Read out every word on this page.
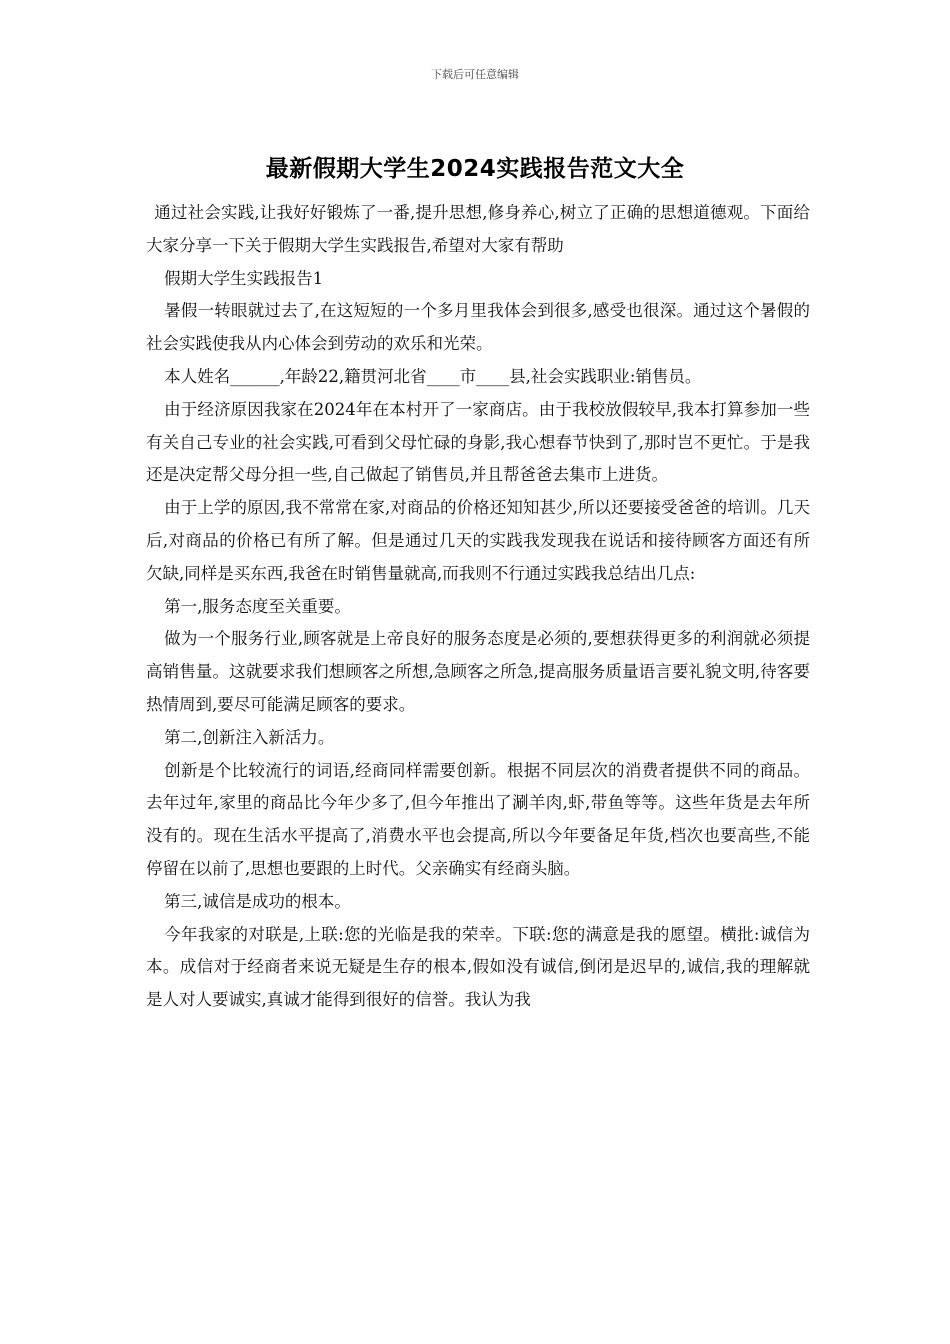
下载后可任意编辑
最新假期大学生2024实践报告范文大全

通过社会实践,让我好好锻炼了一番,提升思想,修身养心,树立了正确的思想道德观。下面给大家分享一下关于假期大学生实践报告,希望对大家有帮助

假期大学生实践报告1

暑假一转眼就过去了,在这短短的一个多月里我体会到很多,感受也很深。通过这个暑假的社会实践使我从内心体会到劳动的欢乐和光荣。

本人姓名______,年龄22,籍贯河北省____市____县,社会实践职业:销售员。

由于经济原因我家在2024年在本村开了一家商店。由于我校放假较早,我本打算参加一些有关自己专业的社会实践,可看到父母忙碌的身影,我心想春节快到了,那时岂不更忙。于是我还是决定帮父母分担一些,自己做起了销售员,并且帮爸爸去集市上进货。

由于上学的原因,我不常常在家,对商品的价格还知知甚少,所以还要接受爸爸的培训。几天后,对商品的价格已有所了解。但是通过几天的实践我发现我在说话和接待顾客方面还有所欠缺,同样是买东西,我爸在时销售量就高,而我则不行通过实践我总结出几点:

第一,服务态度至关重要。

做为一个服务行业,顾客就是上帝良好的服务态度是必须的,要想获得更多的利润就必须提高销售量。这就要求我们想顾客之所想,急顾客之所急,提高服务质量语言要礼貌文明,待客要热情周到,要尽可能满足顾客的要求。

第二,创新注入新活力。

创新是个比较流行的词语,经商同样需要创新。根据不同层次的消费者提供不同的商品。去年过年,家里的商品比今年少多了,但今年推出了涮羊肉,虾,带鱼等等。这些年货是去年所没有的。现在生活水平提高了,消费水平也会提高,所以今年要备足年货,档次也要高些,不能停留在以前了,思想也要跟的上时代。父亲确实有经商头脑。

第三,诚信是成功的根本。

今年我家的对联是,上联:您的光临是我的荣幸。下联:您的满意是我的愿望。横批:诚信为本。成信对于经商者来说无疑是生存的根本,假如没有诚信,倒闭是迟早的,诚信,我的理解就是人对人要诚实,真诚才能得到很好的信誉。我认为我
